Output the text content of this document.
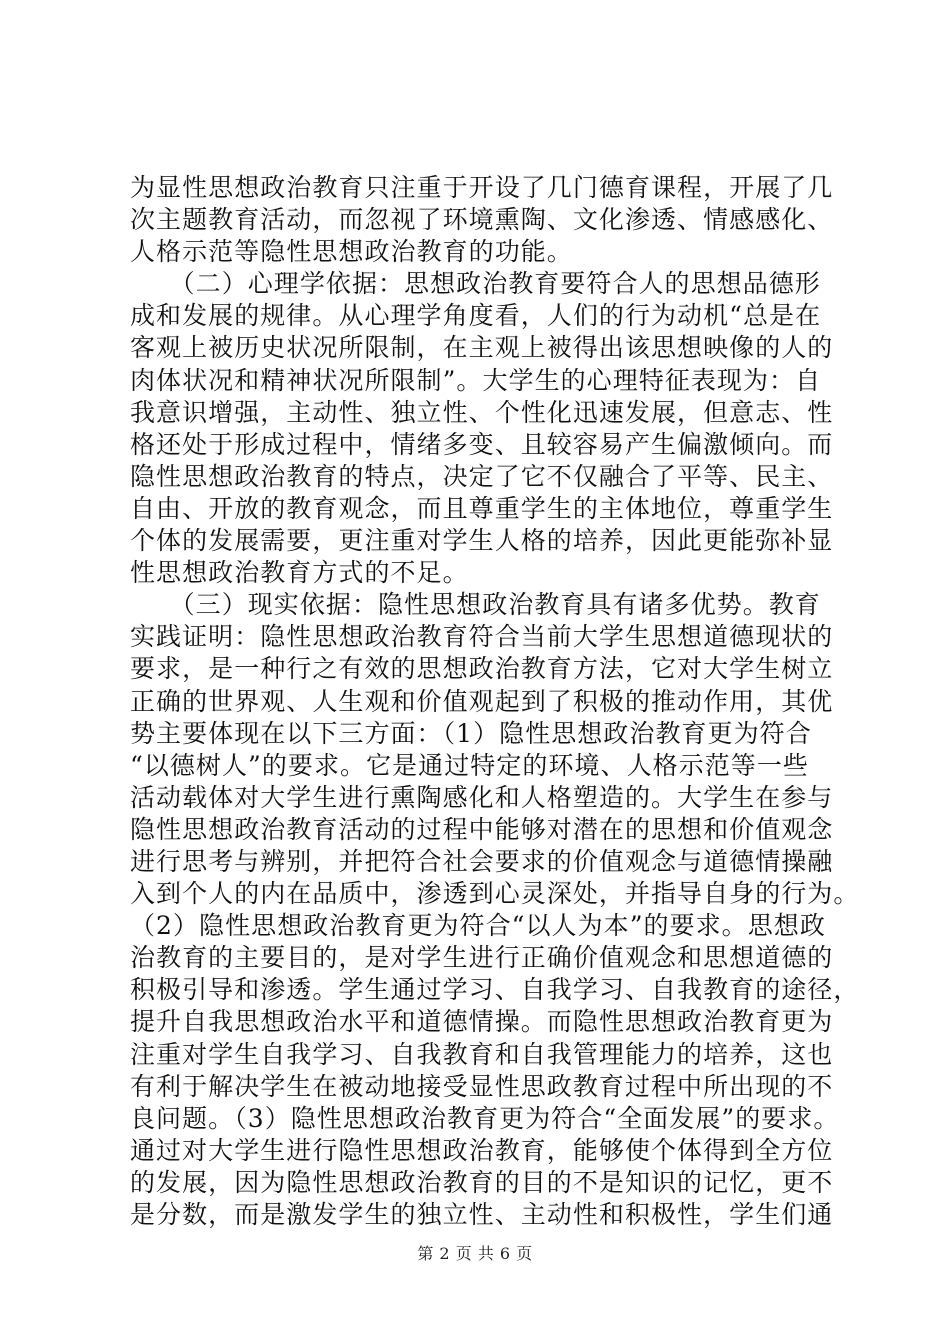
为显性思想政治教育只注重于开设了几门德育课程，开展了几
次主题教育活动，而忽视了环境熏陶、文化渗透、情感感化、
人格示范等隐性思想政治教育的功能。
　　（二）心理学依据：思想政治教育要符合人的思想品德形
成和发展的规律。从心理学角度看，人们的行为动机“总是在
客观上被历史状况所限制，在主观上被得出该思想映像的人的
肉体状况和精神状况所限制”。大学生的心理特征表现为：自
我意识增强，主动性、独立性、个性化迅速发展，但意志、性
格还处于形成过程中，情绪多变、且较容易产生偏激倾向。而
隐性思想政治教育的特点，决定了它不仅融合了平等、民主、
自由、开放的教育观念，而且尊重学生的主体地位，尊重学生
个体的发展需要，更注重对学生人格的培养，因此更能弥补显
性思想政治教育方式的不足。
　　（三）现实依据：隐性思想政治教育具有诸多优势。教育
实践证明：隐性思想政治教育符合当前大学生思想道德现状的
要求，是一种行之有效的思想政治教育方法，它对大学生树立
正确的世界观、人生观和价值观起到了积极的推动作用，其优
势主要体现在以下三方面：（1）隐性思想政治教育更为符合
“以德树人”的要求。它是通过特定的环境、人格示范等一些
活动载体对大学生进行熏陶感化和人格塑造的。大学生在参与
隐性思想政治教育活动的过程中能够对潜在的思想和价值观念
进行思考与辨别，并把符合社会要求的价值观念与道德情操融
入到个人的内在品质中，渗透到心灵深处，并指导自身的行为。
（2）隐性思想政治教育更为符合“以人为本”的要求。思想政
治教育的主要目的，是对学生进行正确价值观念和思想道德的
积极引导和渗透。学生通过学习、自我学习、自我教育的途径，
提升自我思想政治水平和道德情操。而隐性思想政治教育更为
注重对学生自我学习、自我教育和自我管理能力的培养，这也
有利于解决学生在被动地接受显性思政教育过程中所出现的不
良问题。（3）隐性思想政治教育更为符合“全面发展”的要求。
通过对大学生进行隐性思想政治教育，能够使个体得到全方位
的发展，因为隐性思想政治教育的目的不是知识的记忆，更不
是分数，而是激发学生的独立性、主动性和积极性，学生们通
第 2 页 共 6 页
